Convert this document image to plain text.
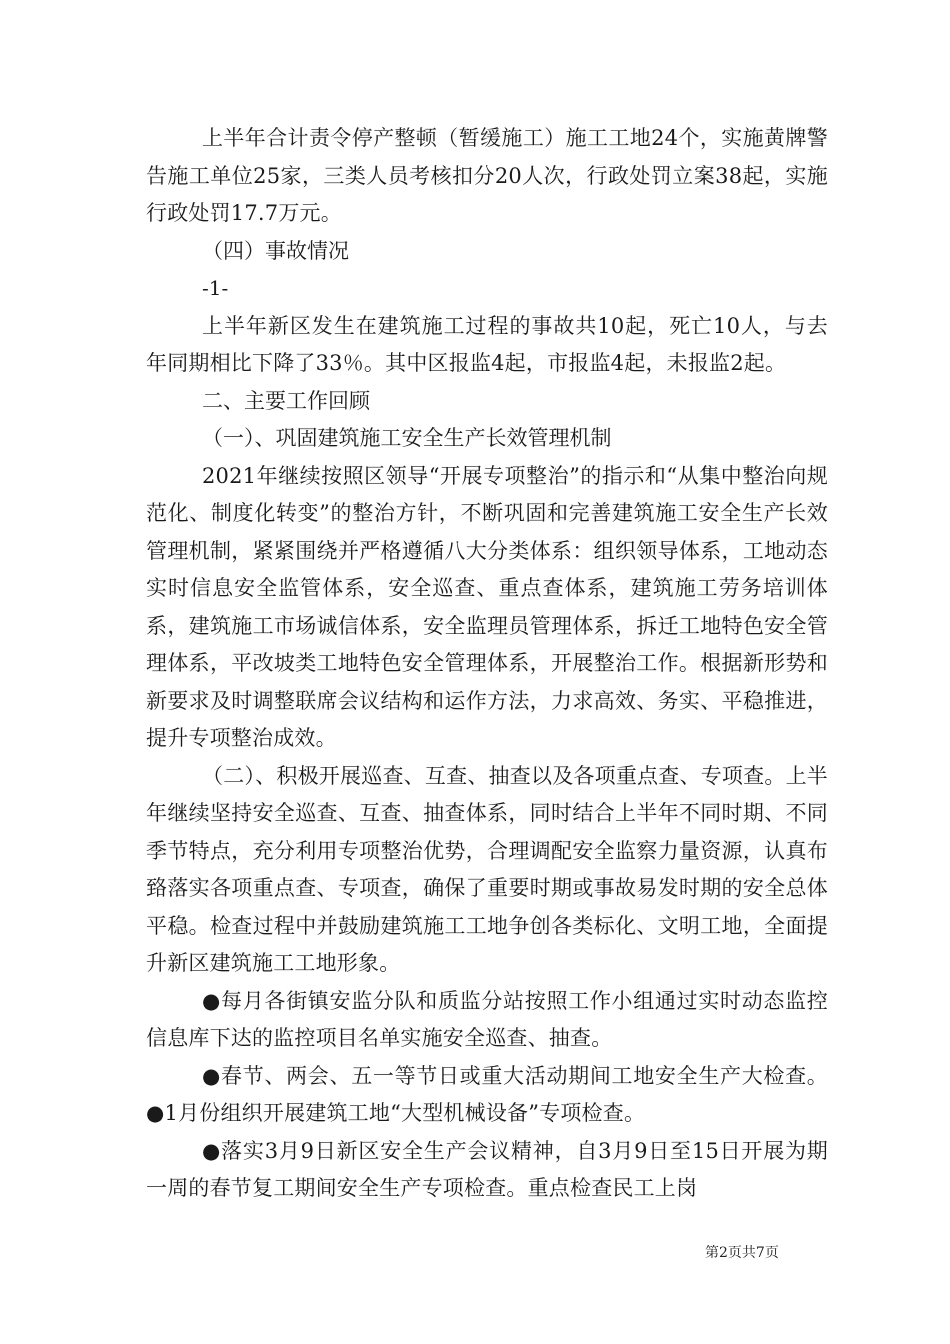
上半年合计责令停产整顿（暂缓施工）施工工地24个，实施黄牌警告施工单位25家，三类人员考核扣分20人次，行政处罚立案38起，实施行政处罚17.7万元。

（四）事故情况

-1-

上半年新区发生在建筑施工过程的事故共10起，死亡10人，与去年同期相比下降了33％。其中区报监4起，市报监4起，未报监2起。

二、主要工作回顾

（一）、巩固建筑施工安全生产长效管理机制

2021年继续按照区领导“开展专项整治”的指示和“从集中整治向规范化、制度化转变”的整治方针，不断巩固和完善建筑施工安全生产长效管理机制，紧紧围绕并严格遵循八大分类体系：组织领导体系，工地动态实时信息安全监管体系，安全巡查、重点查体系，建筑施工劳务培训体系，建筑施工市场诚信体系，安全监理员管理体系，拆迁工地特色安全管理体系，平改坡类工地特色安全管理体系，开展整治工作。根据新形势和新要求及时调整联席会议结构和运作方法，力求高效、务实、平稳推进，提升专项整治成效。

（二）、积极开展巡查、互查、抽查以及各项重点查、专项查。上半年继续坚持安全巡查、互查、抽查体系，同时结合上半年不同时期、不同季节特点，充分利用专项整治优势，合理调配安全监察力量资源，认真布臵落实各项重点查、专项查，确保了重要时期或事故易发时期的安全总体平稳。检查过程中并鼓励建筑施工工地争创各类标化、文明工地，全面提升新区建筑施工工地形象。

●每月各街镇安监分队和质监分站按照工作小组通过实时动态监控信息库下达的监控项目名单实施安全巡查、抽查。

●春节、两会、五一等节日或重大活动期间工地安全生产大检查。●1月份组织开展建筑工地“大型机械设备”专项检查。

●落实3月9日新区安全生产会议精神，自3月9日至15日开展为期一周的春节复工期间安全生产专项检查。重点检查民工上岗

第2页共7页
